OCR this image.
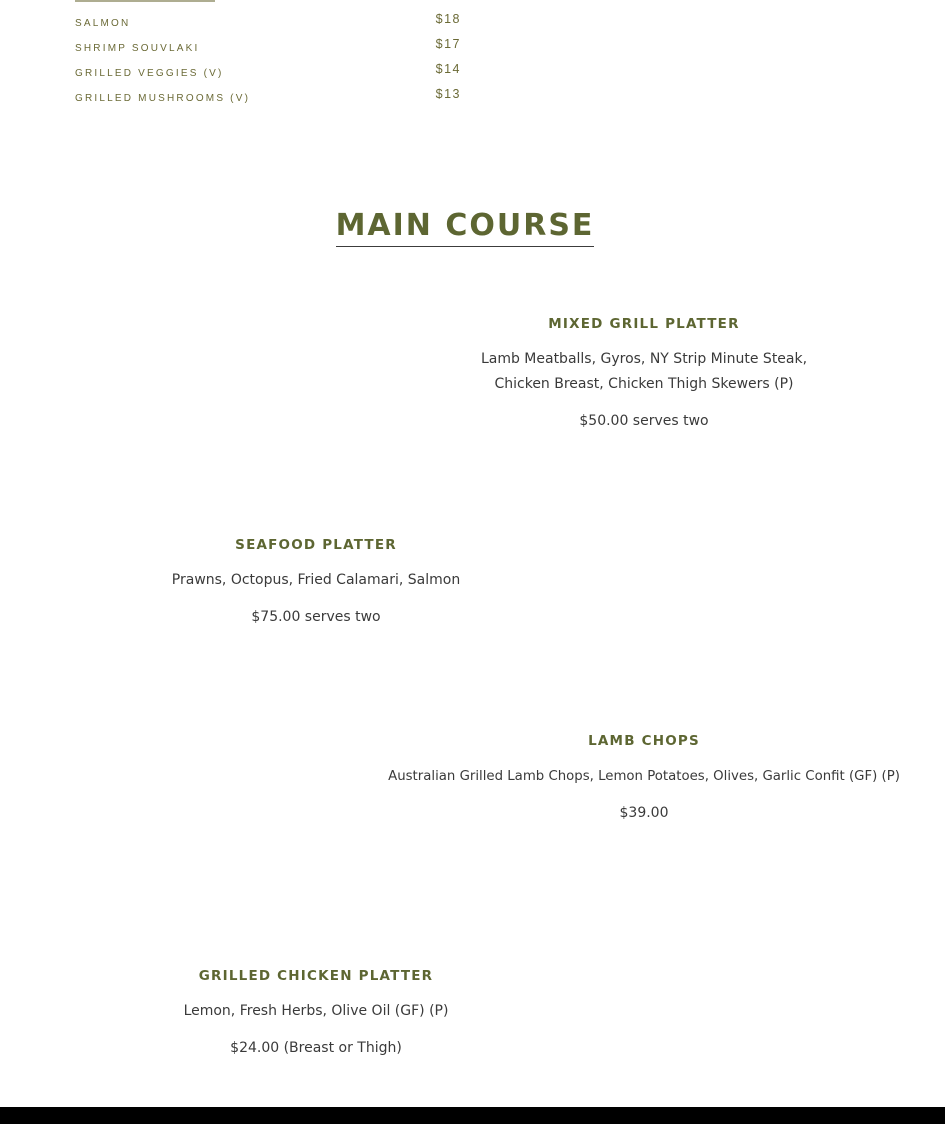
SALMON	$18
SHRIMP SOUVLAKI	$17
GRILLED VEGGIES (V)	$14
GRILLED MUSHROOMS (V)	$13
MAIN COURSE
MIXED GRILL PLATTER
Lamb Meatballs, Gyros, NY Strip Minute Steak,
Chicken Breast, Chicken Thigh Skewers (P)
$50.00 serves two
SEAFOOD PLATTER
Prawns, Octopus, Fried Calamari, Salmon
$75.00 serves two
LAMB CHOPS
Australian Grilled Lamb Chops, Lemon Potatoes, Olives, Garlic Confit (GF) (P)
$39.00
GRILLED CHICKEN PLATTER
Lemon, Fresh Herbs, Olive Oil (GF) (P)
$24.00 (Breast or Thigh)
